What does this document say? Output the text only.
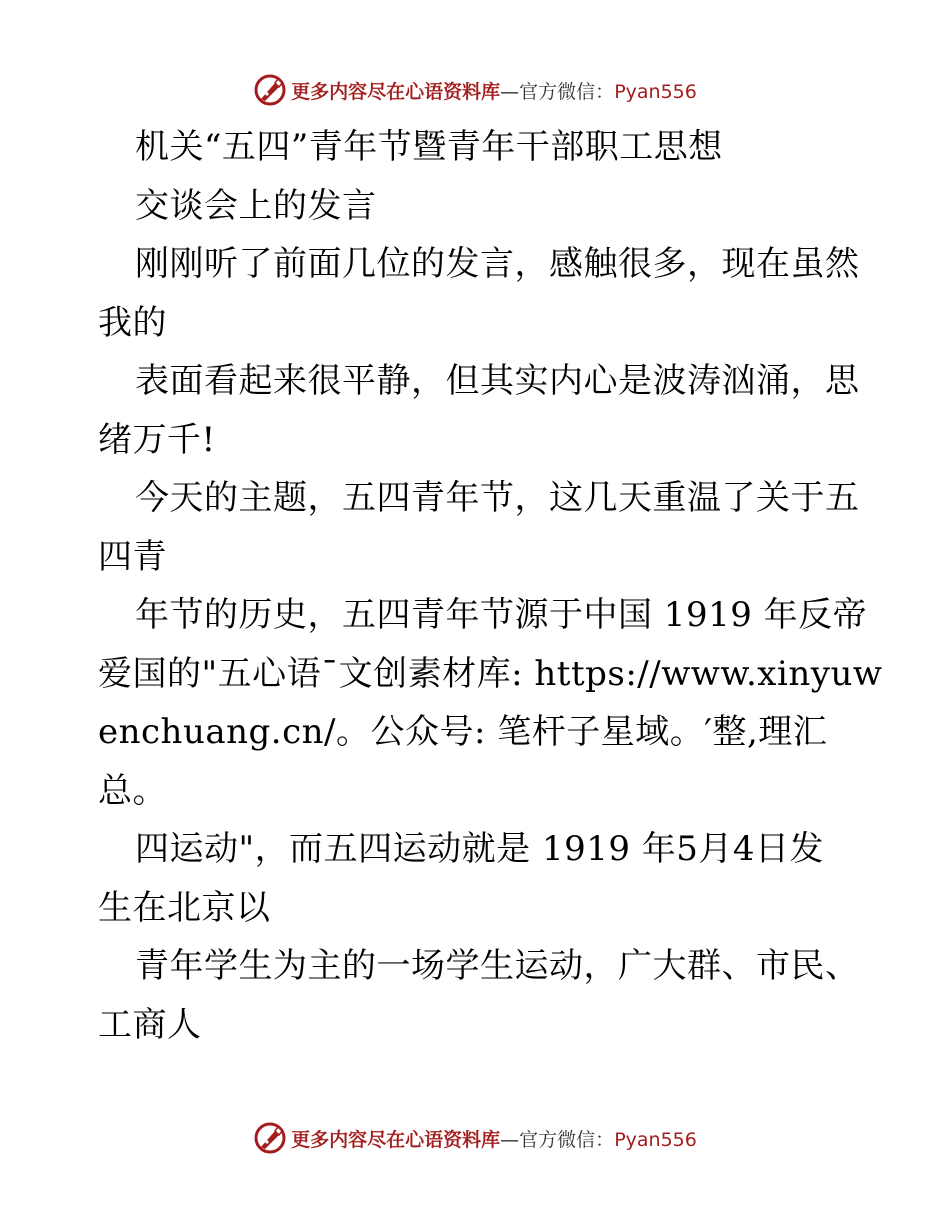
更多内容尽在心语资料库—官方微信：Pyan556
机关“五四”青年节暨青年干部职工思想
交谈会上的发言
刚刚听了前面几位的发言，感触很多，现在虽然
我的
表面看起来很平静，但其实内心是波涛汹涌，思
绪万千!
今天的主题，五四青年节，这几天重温了关于五
四青
年节的历史，五四青年节源于中国 1919 年反帝
爱国的"五心语¯文创素材库: https://www.xinyuw
enchuang.cn/。公众号: 笔杆子星域。′整,理汇
总。
四运动"，而五四运动就是 1919 年5月4日发
生在北京以
青年学生为主的一场学生运动，广大群、市民、
工商人
更多内容尽在心语资料库—官方微信：Pyan556
